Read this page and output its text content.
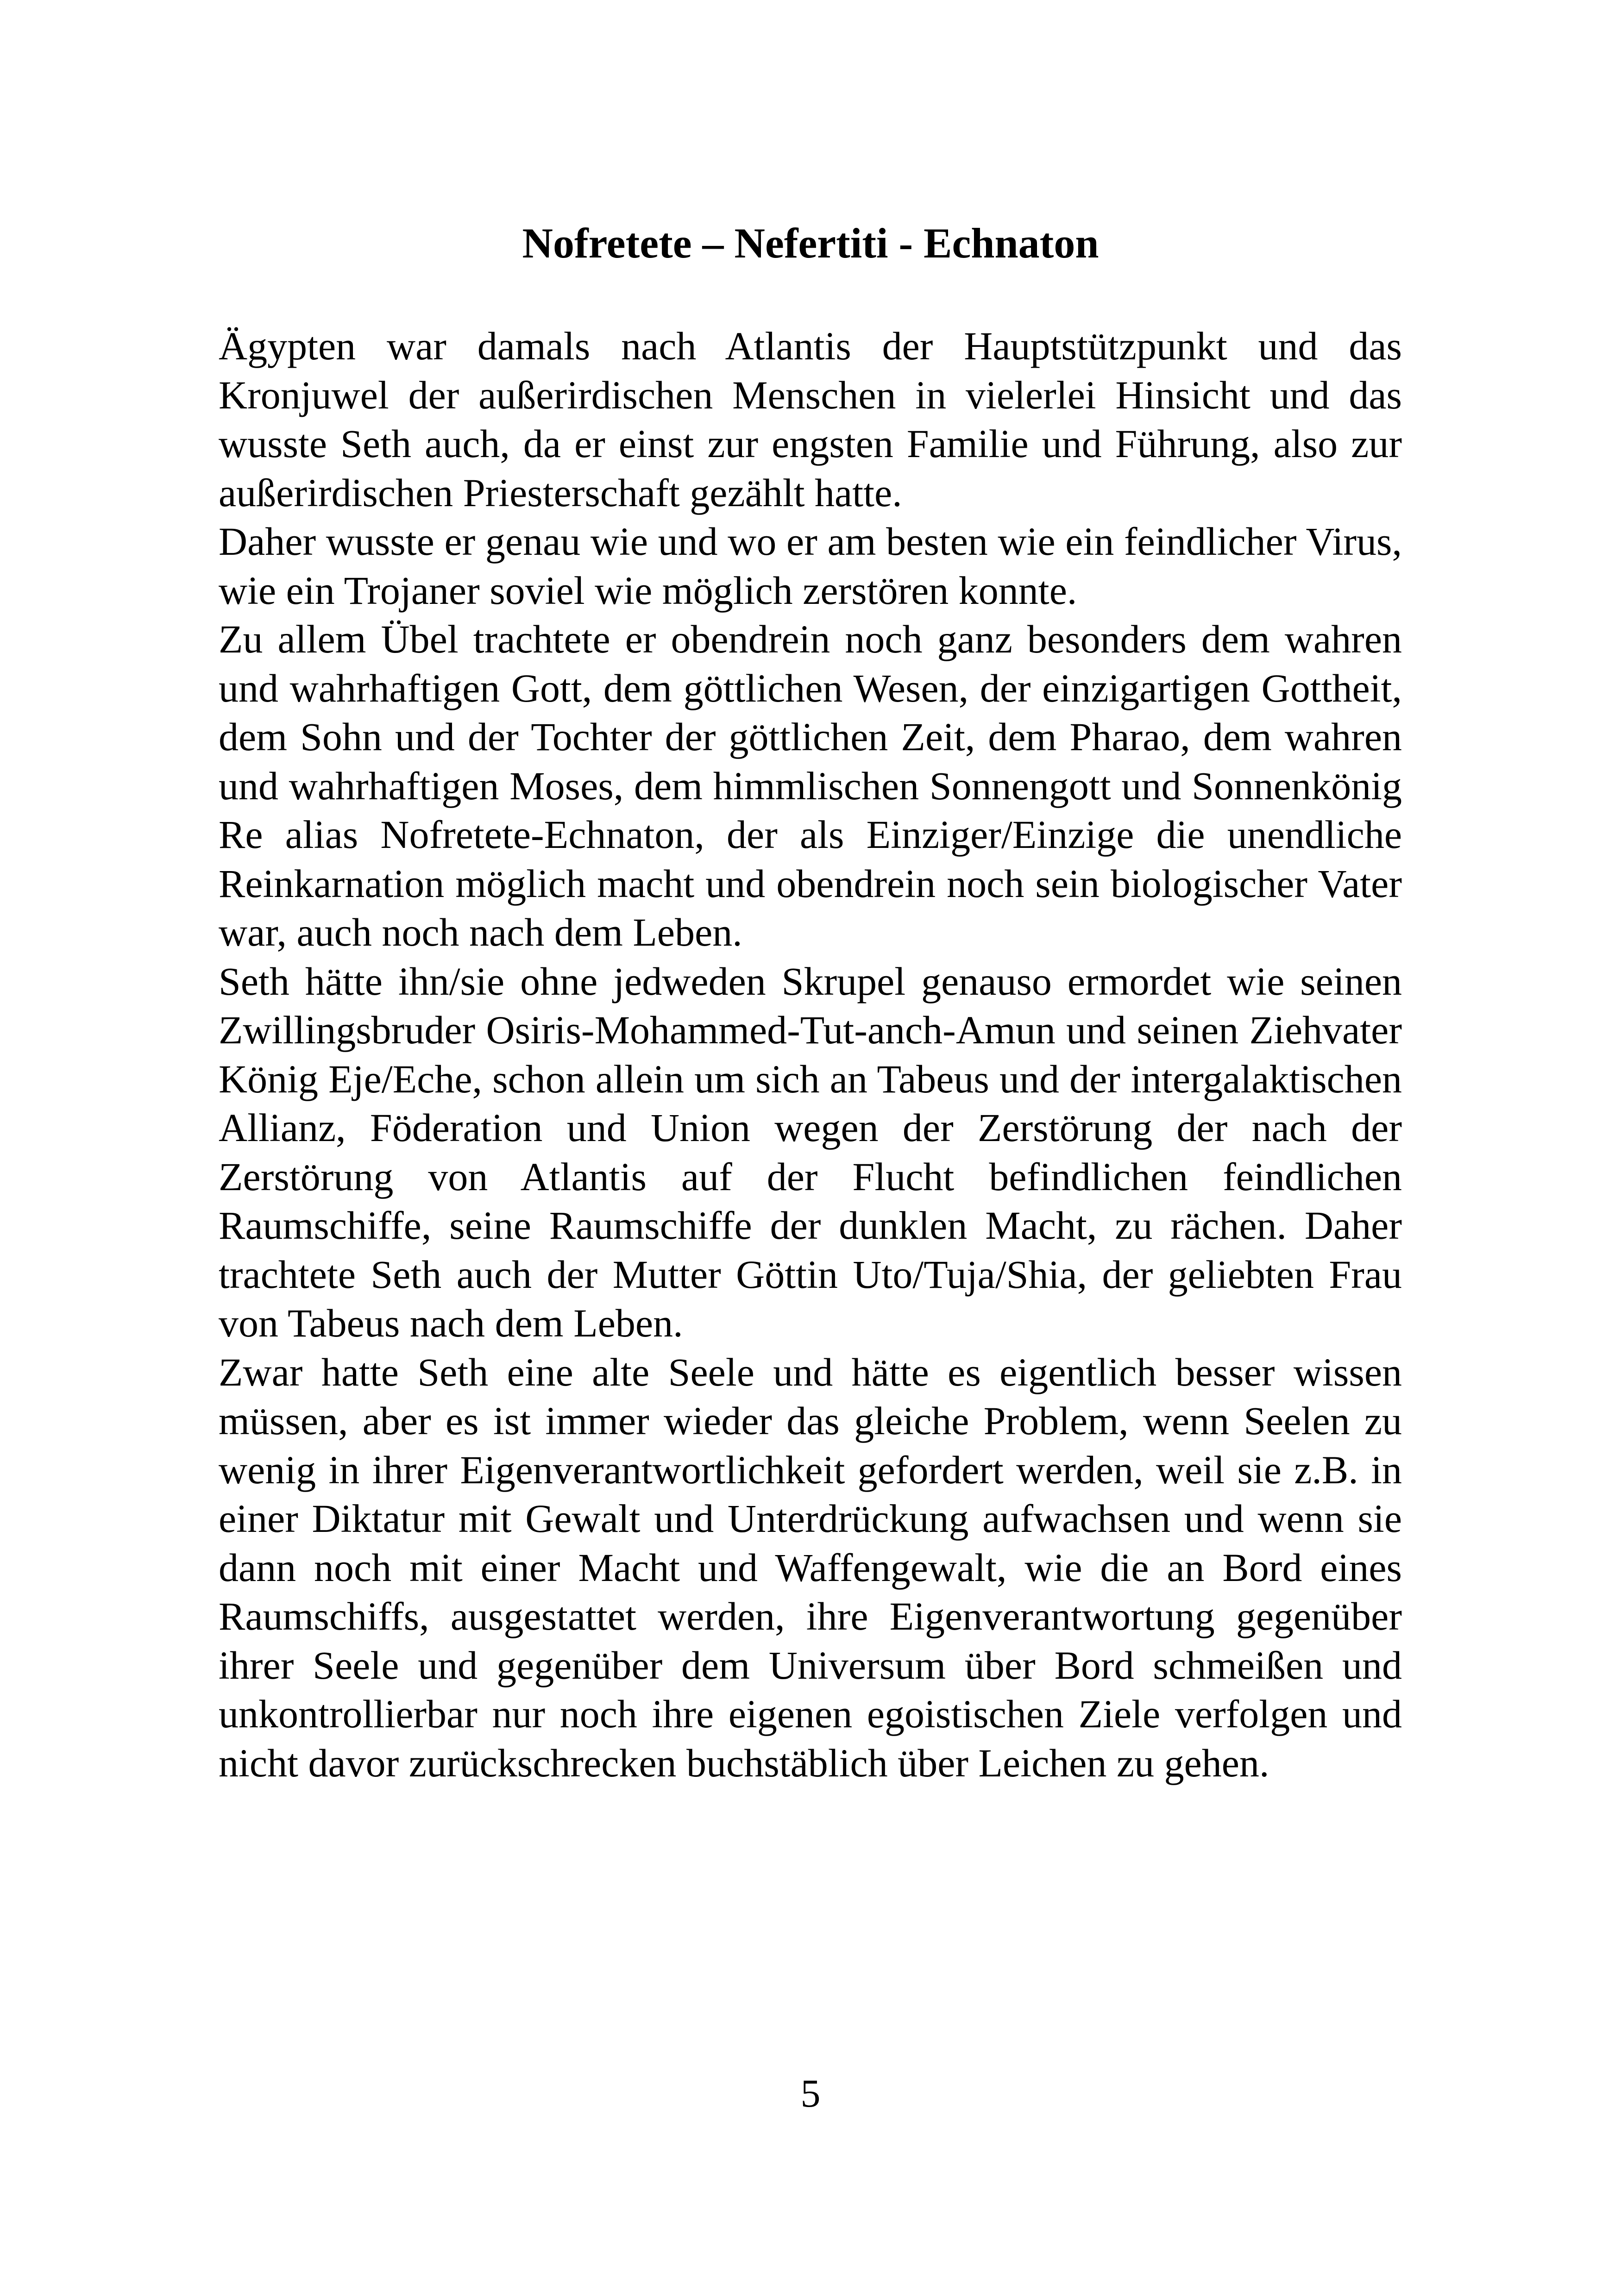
Nofretete – Nefertiti - Echnaton

Ägypten war damals nach Atlantis der Hauptstützpunkt und das Kronjuwel der außerirdischen Menschen in vielerlei Hinsicht und das wusste Seth auch, da er einst zur engsten Familie und Führung, also zur außerirdischen Priesterschaft gezählt hatte.

Daher wusste er genau wie und wo er am besten wie ein feindlicher Virus, wie ein Trojaner soviel wie möglich zerstören konnte.

Zu allem Übel trachtete er obendrein noch ganz besonders dem wahren und wahrhaftigen Gott, dem göttlichen Wesen, der einzigartigen Gottheit, dem Sohn und der Tochter der göttlichen Zeit, dem Pharao, dem wahren und wahrhaftigen Moses, dem himmlischen Sonnengott und Sonnenkönig Re alias Nofretete-Echnaton, der als Einziger/Einzige die unendliche Reinkarnation möglich macht und obendrein noch sein biologischer Vater war, auch noch nach dem Leben.

Seth hätte ihn/sie ohne jedweden Skrupel genauso ermordet wie seinen Zwillingsbruder Osiris-Mohammed-Tut-anch-Amun und seinen Ziehvater König Eje/Eche, schon allein um sich an Tabeus und der intergalaktischen Allianz, Föderation und Union wegen der Zerstörung der nach der Zerstörung von Atlantis auf der Flucht befindlichen feindlichen Raumschiffe, seine Raumschiffe der dunklen Macht, zu rächen. Daher trachtete Seth auch der Mutter Göttin Uto/Tuja/Shia, der geliebten Frau von Tabeus nach dem Leben.

Zwar hatte Seth eine alte Seele und hätte es eigentlich besser wissen müssen, aber es ist immer wieder das gleiche Problem, wenn Seelen zu wenig in ihrer Eigenverantwortlichkeit gefordert werden, weil sie z.B. in einer Diktatur mit Gewalt und Unterdrückung aufwachsen und wenn sie dann noch mit einer Macht und Waffengewalt, wie die an Bord eines Raumschiffs, ausgestattet werden, ihre Eigenverantwortung gegenüber ihrer Seele und gegenüber dem Universum über Bord schmeißen und unkontrollierbar nur noch ihre eigenen egoistischen Ziele verfolgen und nicht davor zurückschrecken buchstäblich über Leichen zu gehen.

5
